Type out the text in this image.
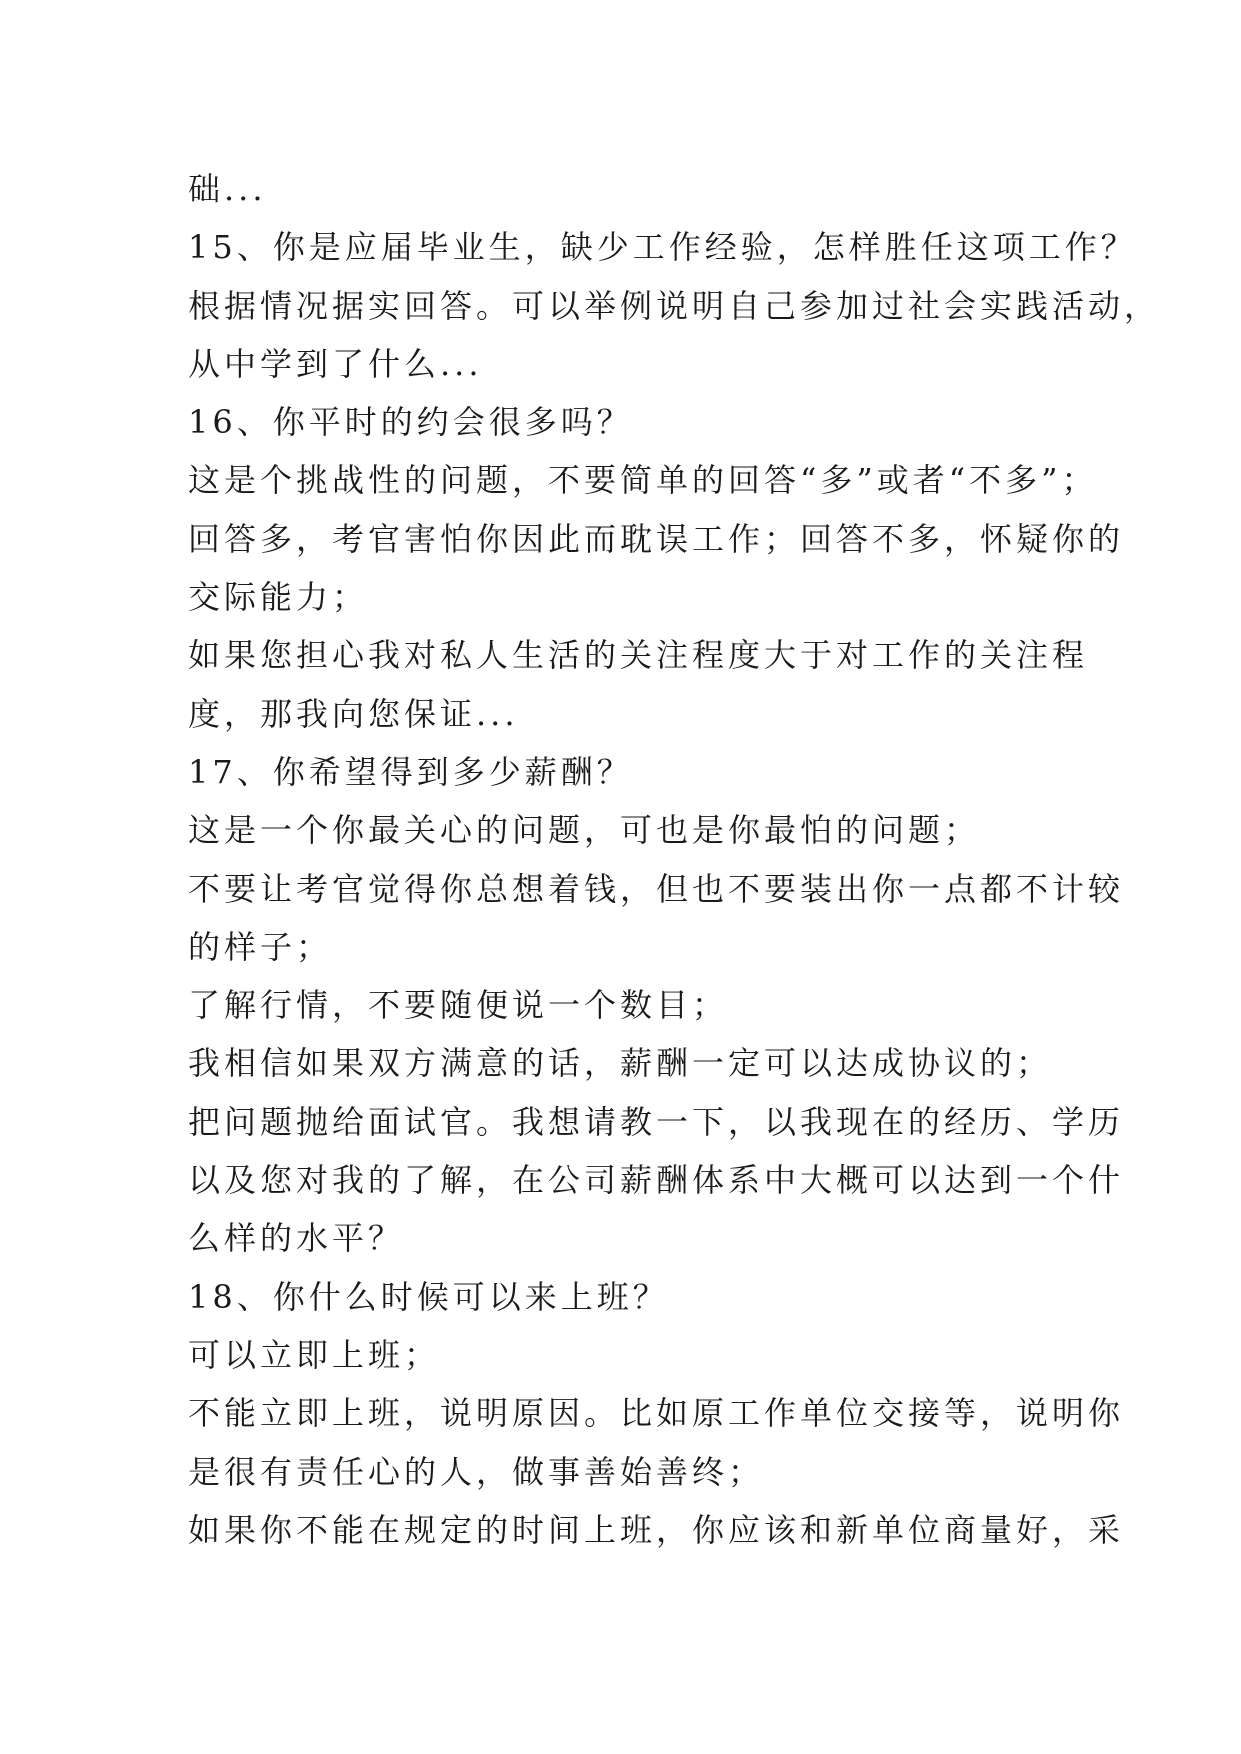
础...
15、你是应届毕业生，缺少工作经验，怎样胜任这项工作？
根据情况据实回答。可以举例说明自己参加过社会实践活动，
从中学到了什么...
16、你平时的约会很多吗？
这是个挑战性的问题，不要简单的回答“多”或者“不多”；
回答多，考官害怕你因此而耽误工作；回答不多，怀疑你的
交际能力；
如果您担心我对私人生活的关注程度大于对工作的关注程
度，那我向您保证...
17、你希望得到多少薪酬？
这是一个你最关心的问题，可也是你最怕的问题；
不要让考官觉得你总想着钱，但也不要装出你一点都不计较
的样子；
了解行情，不要随便说一个数目；
我相信如果双方满意的话，薪酬一定可以达成协议的；
把问题抛给面试官。我想请教一下，以我现在的经历、学历
以及您对我的了解，在公司薪酬体系中大概可以达到一个什
么样的水平？
18、你什么时候可以来上班？
可以立即上班；
不能立即上班，说明原因。比如原工作单位交接等，说明你
是很有责任心的人，做事善始善终；
如果你不能在规定的时间上班，你应该和新单位商量好，采
